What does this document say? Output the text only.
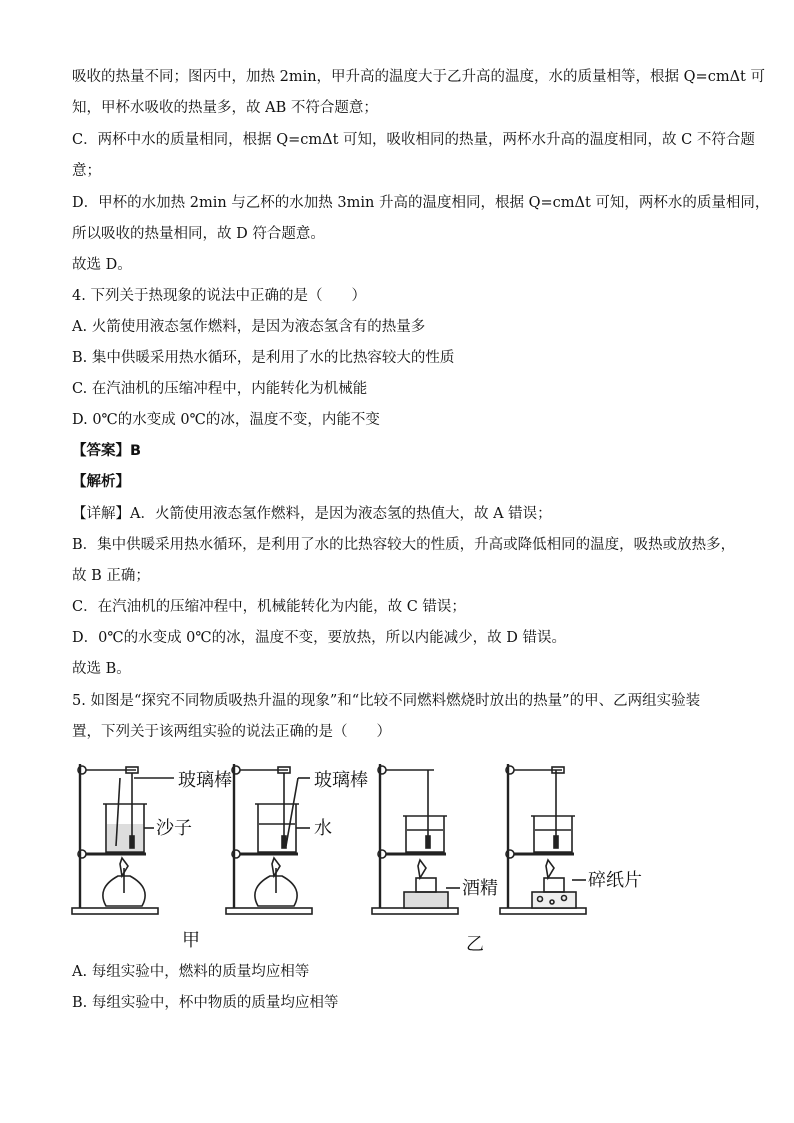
吸收的热量不同；图丙中，加热 2min，甲升高的温度大于乙升高的温度，水的质量相等，根据 Q=cmΔt 可
知，甲杯水吸收的热量多，故 AB 不符合题意；
C．两杯中水的质量相同，根据 Q=cmΔt 可知，吸收相同的热量，两杯水升高的温度相同，故 C 不符合题
意；
D．甲杯的水加热 2min 与乙杯的水加热 3min 升高的温度相同，根据 Q=cmΔt 可知，两杯水的质量相同，
所以吸收的热量相同，故 D 符合题意。
故选 D。
4. 下列关于热现象的说法中正确的是（　　）
A. 火箭使用液态氢作燃料，是因为液态氢含有的热量多
B. 集中供暖采用热水循环，是利用了水的比热容较大的性质
C. 在汽油机的压缩冲程中，内能转化为机械能
D. 0℃的水变成 0℃的冰，温度不变，内能不变
【答案】B
【解析】
【详解】A．火箭使用液态氢作燃料，是因为液态氢的热值大，故 A 错误；
B．集中供暖采用热水循环，是利用了水的比热容较大的性质，升高或降低相同的温度，吸热或放热多，
故 B 正确；
C．在汽油机的压缩冲程中，机械能转化为内能，故 C 错误；
D．0℃的水变成 0℃的冰，温度不变，要放热，所以内能减少，故 D 错误。
故选 B。
5. 如图是“探究不同物质吸热升温的现象”和“比较不同燃料燃烧时放出的热量”的甲、乙两组实验装
置，下列关于该两组实验的说法正确的是（　　）
玻璃棒
沙子
玻璃棒
水
酒精	碎纸片
甲	乙
A. 每组实验中，燃料的质量均应相等
B. 每组实验中，杯中物质的质量均应相等
